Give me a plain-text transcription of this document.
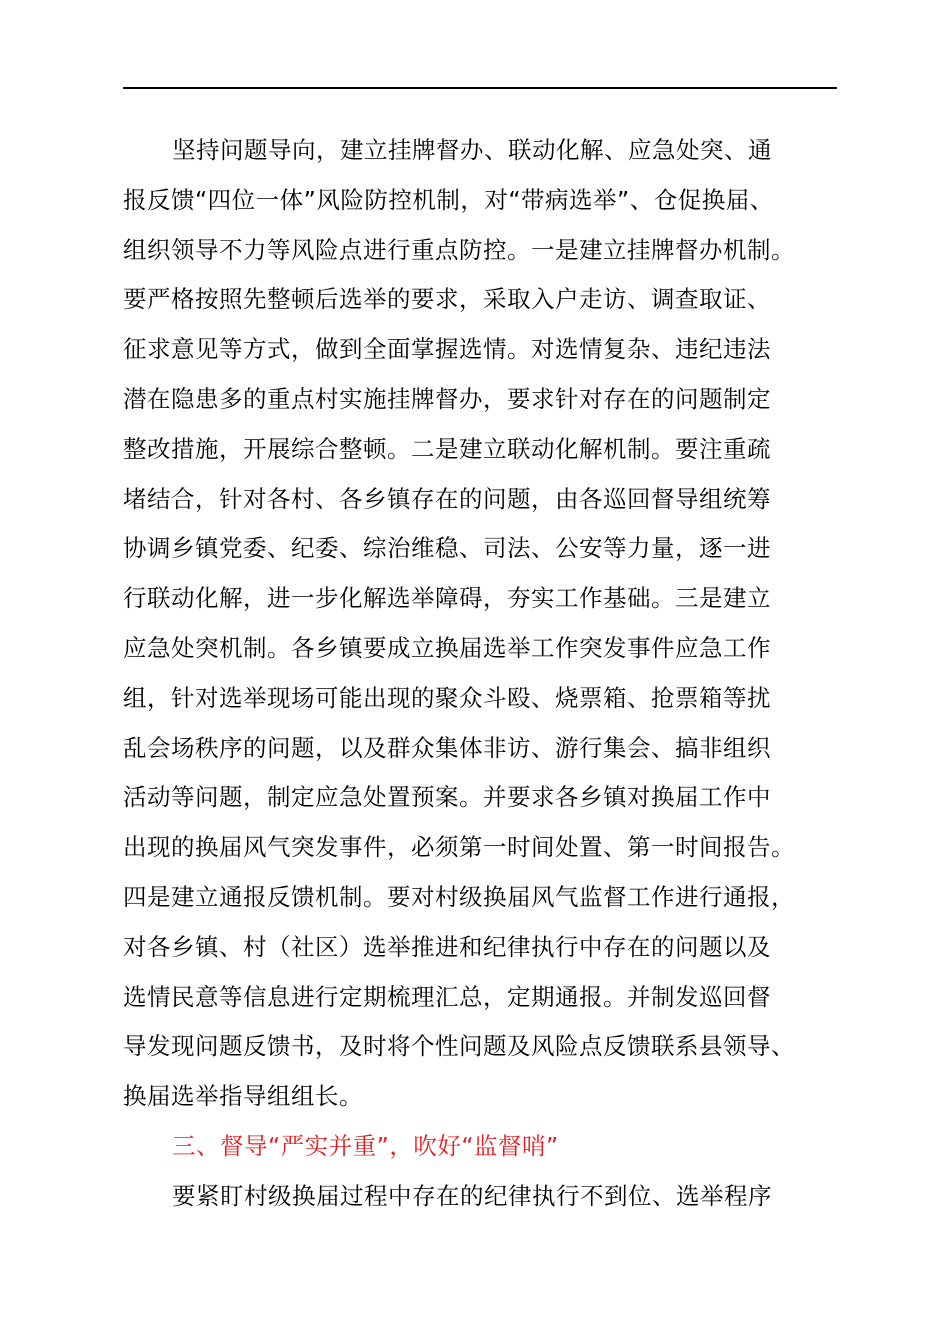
坚持问题导向，建立挂牌督办、联动化解、应急处突、通
报反馈“四位一体”风险防控机制，对“带病选举”、仓促换届、
组织领导不力等风险点进行重点防控。一是建立挂牌督办机制。
要严格按照先整顿后选举的要求，采取入户走访、调查取证、
征求意见等方式，做到全面掌握选情。对选情复杂、违纪违法
潜在隐患多的重点村实施挂牌督办，要求针对存在的问题制定
整改措施，开展综合整顿。二是建立联动化解机制。要注重疏
堵结合，针对各村、各乡镇存在的问题，由各巡回督导组统筹
协调乡镇党委、纪委、综治维稳、司法、公安等力量，逐一进
行联动化解，进一步化解选举障碍，夯实工作基础。三是建立
应急处突机制。各乡镇要成立换届选举工作突发事件应急工作
组，针对选举现场可能出现的聚众斗殴、烧票箱、抢票箱等扰
乱会场秩序的问题，以及群众集体非访、游行集会、搞非组织
活动等问题，制定应急处置预案。并要求各乡镇对换届工作中
出现的换届风气突发事件，必须第一时间处置、第一时间报告。
四是建立通报反馈机制。要对村级换届风气监督工作进行通报，
对各乡镇、村（社区）选举推进和纪律执行中存在的问题以及
选情民意等信息进行定期梳理汇总，定期通报。并制发巡回督
导发现问题反馈书，及时将个性问题及风险点反馈联系县领导、
换届选举指导组组长。
三、督导“严实并重”，吹好“监督哨”
要紧盯村级换届过程中存在的纪律执行不到位、选举程序
